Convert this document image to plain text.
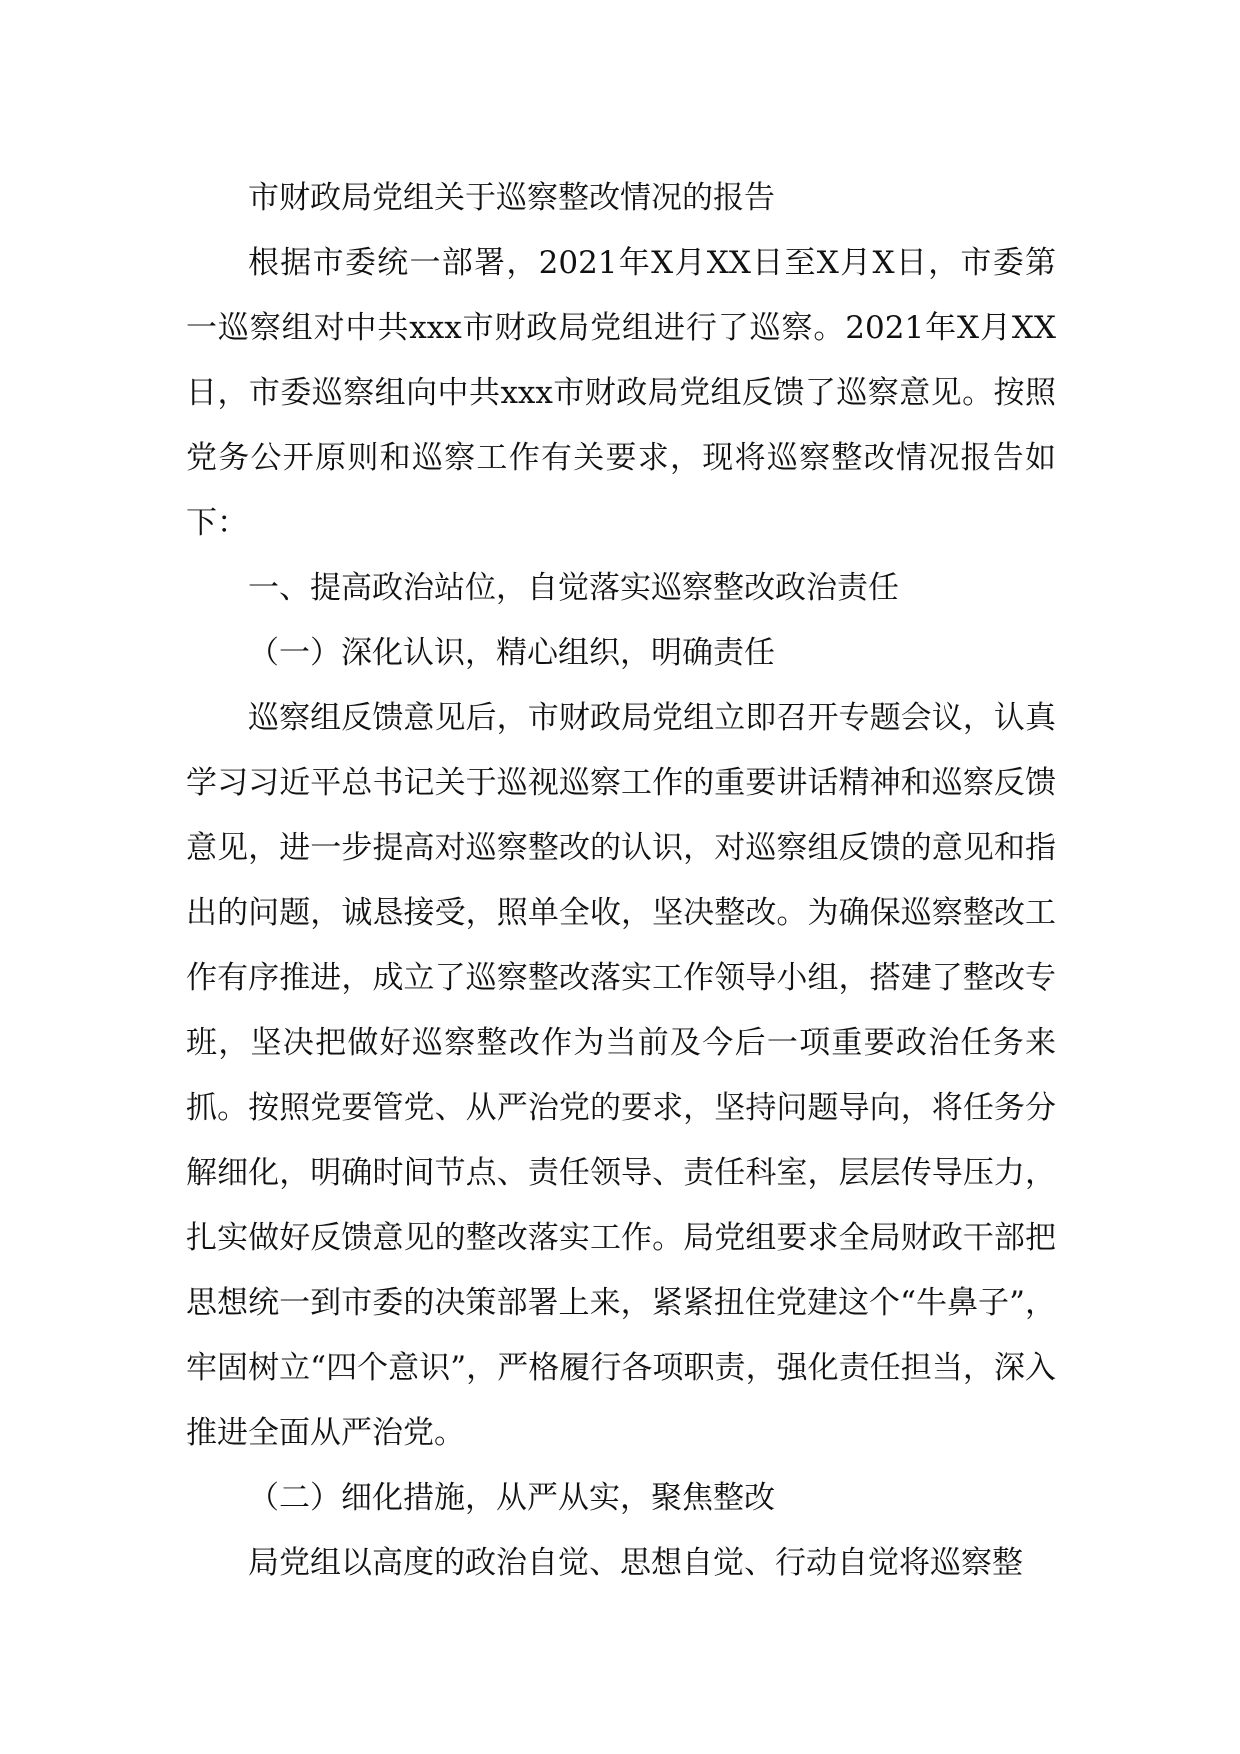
市财政局党组关于巡察整改情况的报告

根据市委统一部署，2021年X月XX日至X月X日，市委第一巡察组对中共xxx市财政局党组进行了巡察。2021年X月XX日，市委巡察组向中共xxx市财政局党组反馈了巡察意见。按照党务公开原则和巡察工作有关要求，现将巡察整改情况报告如下：

一、提高政治站位，自觉落实巡察整改政治责任

（一）深化认识，精心组织，明确责任

巡察组反馈意见后，市财政局党组立即召开专题会议，认真学习习近平总书记关于巡视巡察工作的重要讲话精神和巡察反馈意见，进一步提高对巡察整改的认识，对巡察组反馈的意见和指出的问题，诚恳接受，照单全收，坚决整改。为确保巡察整改工作有序推进，成立了巡察整改落实工作领导小组，搭建了整改专班，坚决把做好巡察整改作为当前及今后一项重要政治任务来抓。按照党要管党、从严治党的要求，坚持问题导向，将任务分解细化，明确时间节点、责任领导、责任科室，层层传导压力，扎实做好反馈意见的整改落实工作。局党组要求全局财政干部把思想统一到市委的决策部署上来，紧紧扭住党建这个“牛鼻子”，牢固树立“四个意识”，严格履行各项职责，强化责任担当，深入推进全面从严治党。

（二）细化措施，从严从实，聚焦整改

局党组以高度的政治自觉、思想自觉、行动自觉将巡察整
